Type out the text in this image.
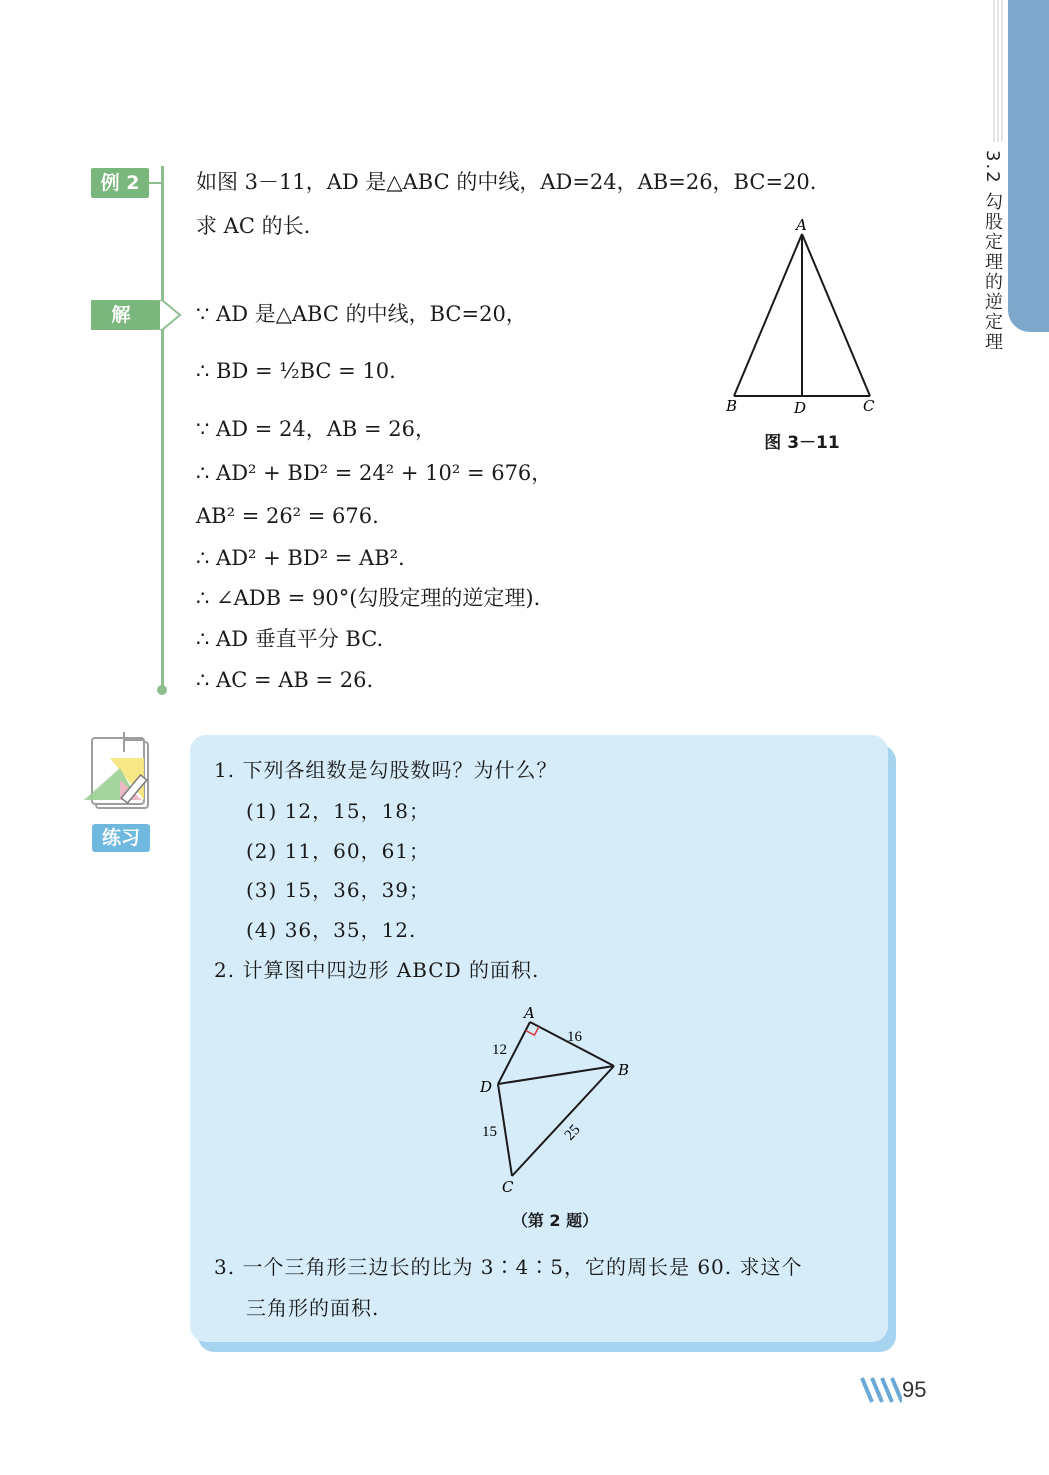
3.2 勾股定理的逆定理
例 2
解
如图 3－11，AD 是△ABC 的中线，AD=24，AB=26，BC=20.
求 AC 的长.
∵ AD 是△ABC 的中线，BC=20，
∴ BD = ½BC = 10.
∵ AD = 24，AB = 26，
∴ AD² + BD² = 24² + 10² = 676，
AB² = 26² = 676.
∴ AD² + BD² = AB².
∴ ∠ADB = 90°(勾股定理的逆定理).
∴ AD 垂直平分 BC.
∴ AC = AB = 26.
A
B	D	C
图 3－11
练习
1. 下列各组数是勾股数吗？为什么？
(1) 12，15，18；
(2) 11，60，61；
(3) 15，36，39；
(4) 36，35，12.
2. 计算图中四边形 ABCD 的面积.
A
B
D
C
12
16
15	25
（第 2 题）
3. 一个三角形三边长的比为 3∶4∶5，它的周长是 60. 求这个
三角形的面积.
95
